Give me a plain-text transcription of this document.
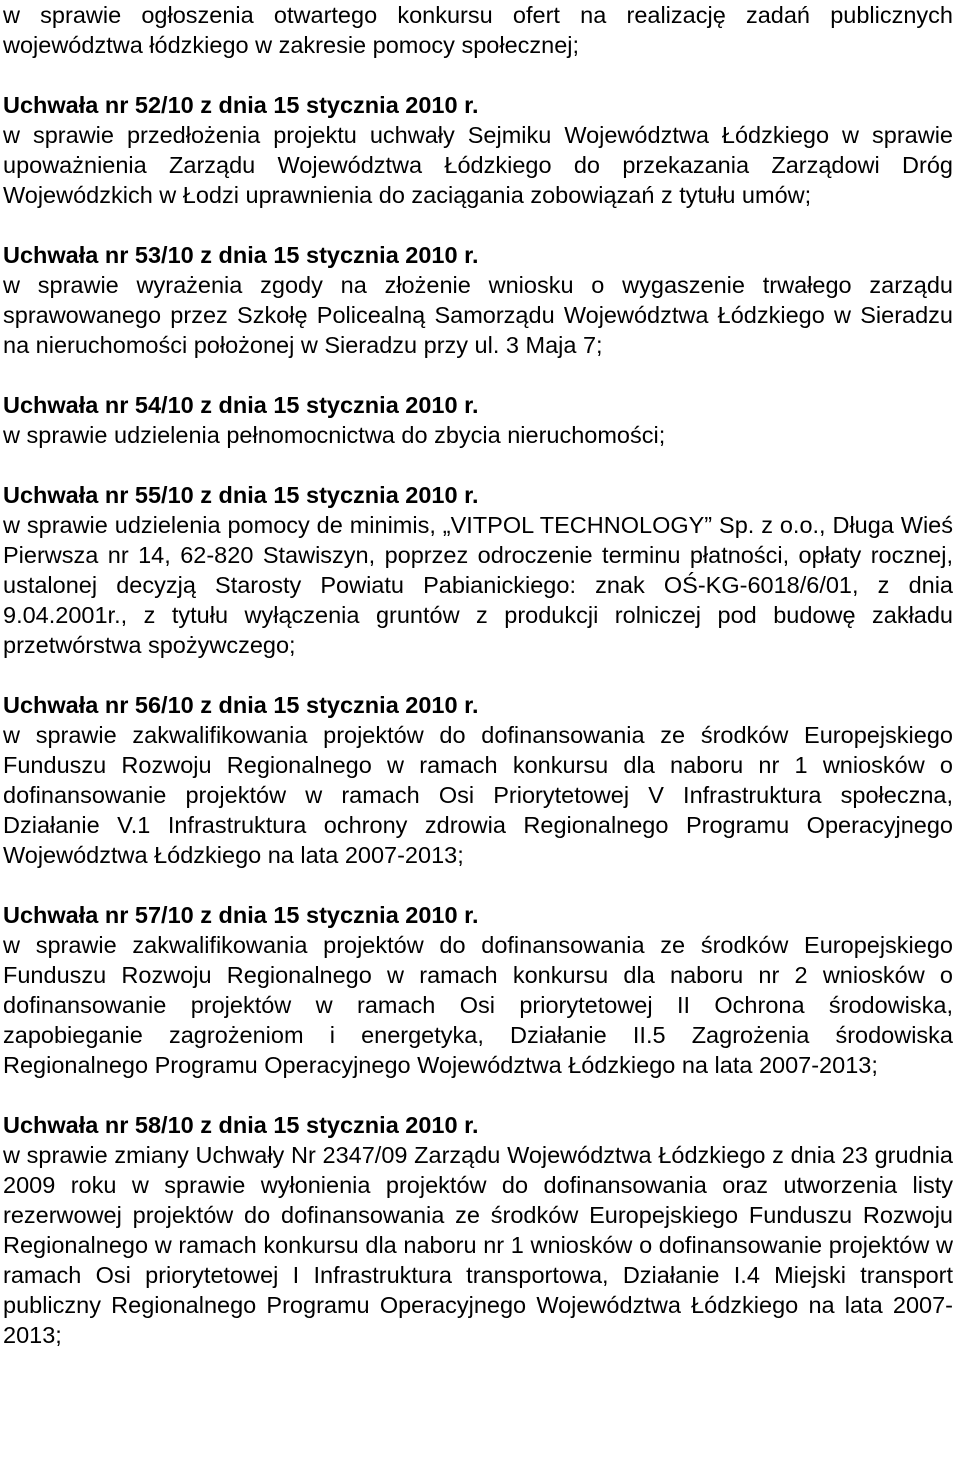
w sprawie ogłoszenia otwartego konkursu ofert na realizację zadań publicznych województwa łódzkiego w zakresie pomocy społecznej;

Uchwała nr 52/10 z dnia 15 stycznia 2010 r.

w sprawie przedłożenia projektu uchwały Sejmiku Województwa Łódzkiego w sprawie upoważnienia Zarządu Województwa Łódzkiego do przekazania Zarządowi Dróg Wojewódzkich w Łodzi uprawnienia do zaciągania zobowiązań z tytułu umów;

Uchwała nr 53/10 z dnia 15 stycznia 2010 r.

w sprawie wyrażenia zgody na złożenie wniosku o wygaszenie trwałego zarządu sprawowanego przez Szkołę Policealną Samorządu Województwa Łódzkiego w Sieradzu na nieruchomości położonej w Sieradzu przy ul. 3 Maja 7;

Uchwała nr 54/10 z dnia 15 stycznia 2010 r.

w sprawie udzielenia pełnomocnictwa do zbycia nieruchomości;

Uchwała nr 55/10 z dnia 15 stycznia 2010 r.

w sprawie udzielenia pomocy de minimis, „VITPOL TECHNOLOGY” Sp. z o.o., Długa Wieś Pierwsza nr 14, 62-820 Stawiszyn, poprzez odroczenie terminu płatności, opłaty rocznej, ustalonej decyzją Starosty Powiatu Pabianickiego: znak OŚ-KG-6018/6/01, z dnia 9.04.2001r., z tytułu wyłączenia gruntów z produkcji rolniczej pod budowę zakładu przetwórstwa spożywczego;

Uchwała nr 56/10 z dnia 15 stycznia 2010 r.

w sprawie zakwalifikowania projektów do dofinansowania ze środków Europejskiego Funduszu Rozwoju Regionalnego w ramach konkursu dla naboru nr 1 wniosków o dofinansowanie projektów w ramach Osi Priorytetowej V Infrastruktura społeczna, Działanie V.1 Infrastruktura ochrony zdrowia Regionalnego Programu Operacyjnego Województwa Łódzkiego na lata 2007-2013;

Uchwała nr 57/10 z dnia 15 stycznia 2010 r.

w sprawie zakwalifikowania projektów do dofinansowania ze środków Europejskiego Funduszu Rozwoju Regionalnego w ramach konkursu dla naboru nr 2 wniosków o dofinansowanie projektów w ramach Osi priorytetowej II Ochrona środowiska, zapobieganie zagrożeniom i energetyka, Działanie II.5 Zagrożenia środowiska Regionalnego Programu Operacyjnego Województwa Łódzkiego na lata 2007-2013;

Uchwała nr 58/10 z dnia 15 stycznia 2010 r.

w sprawie zmiany Uchwały Nr 2347/09 Zarządu Województwa Łódzkiego z dnia 23 grudnia 2009 roku w sprawie wyłonienia projektów do dofinansowania oraz utworzenia listy rezerwowej projektów do dofinansowania ze środków Europejskiego Funduszu Rozwoju Regionalnego w ramach konkursu dla naboru nr 1 wniosków o dofinansowanie projektów w ramach Osi priorytetowej I Infrastruktura transportowa, Działanie I.4 Miejski transport publiczny Regionalnego Programu Operacyjnego Województwa Łódzkiego na lata 2007-2013;
